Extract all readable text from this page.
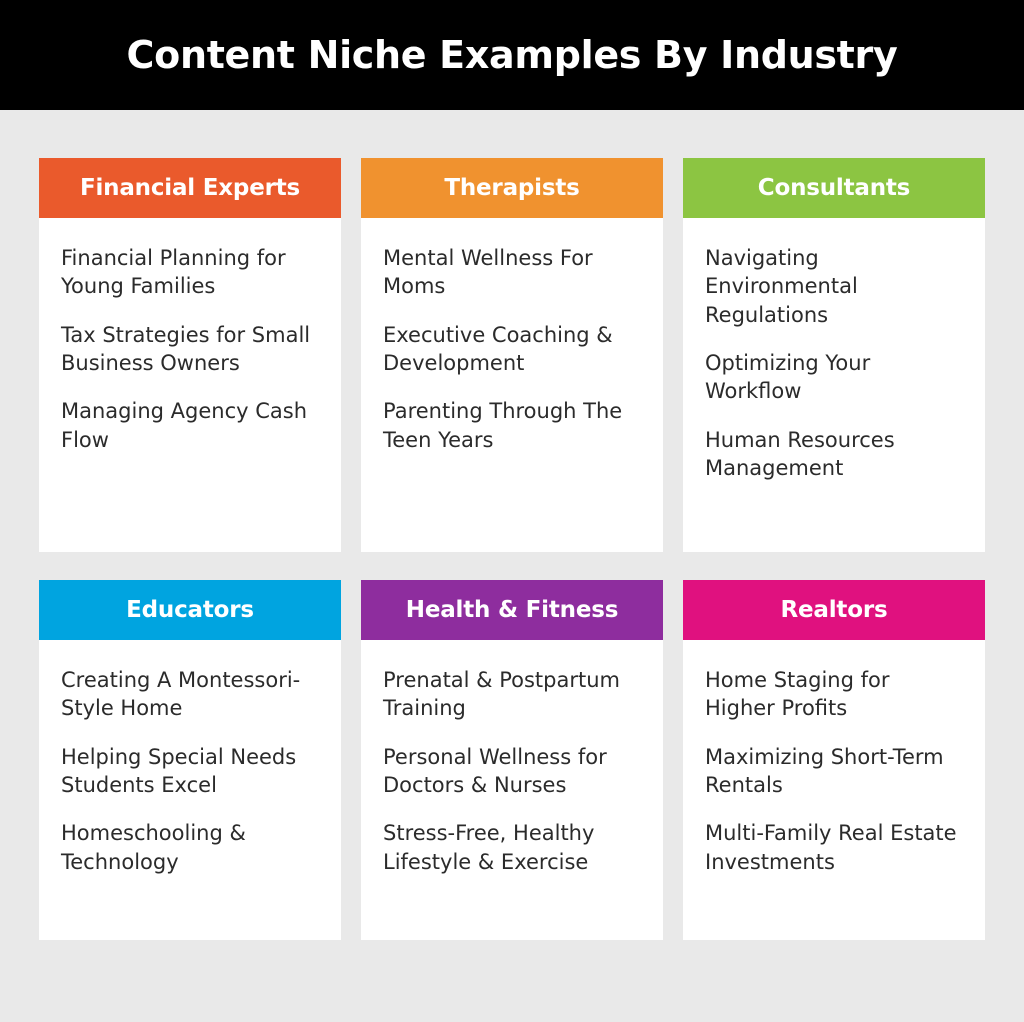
Content Niche Examples By Industry
Financial Experts
Financial Planning for Young Families
Tax Strategies for Small Business Owners
Managing Agency Cash Flow
Therapists
Mental Wellness For Moms
Executive Coaching & Development
Parenting Through The Teen Years
Consultants
Navigating Environmental Regulations
Optimizing Your Workflow
Human Resources Management
Educators
Creating A Montessori-Style Home
Helping Special Needs Students Excel
Homeschooling & Technology
Health & Fitness
Prenatal & Postpartum Training
Personal Wellness for Doctors & Nurses
Stress-Free, Healthy Lifestyle & Exercise
Realtors
Home Staging for Higher Profits
Maximizing Short-Term Rentals
Multi-Family Real Estate Investments
